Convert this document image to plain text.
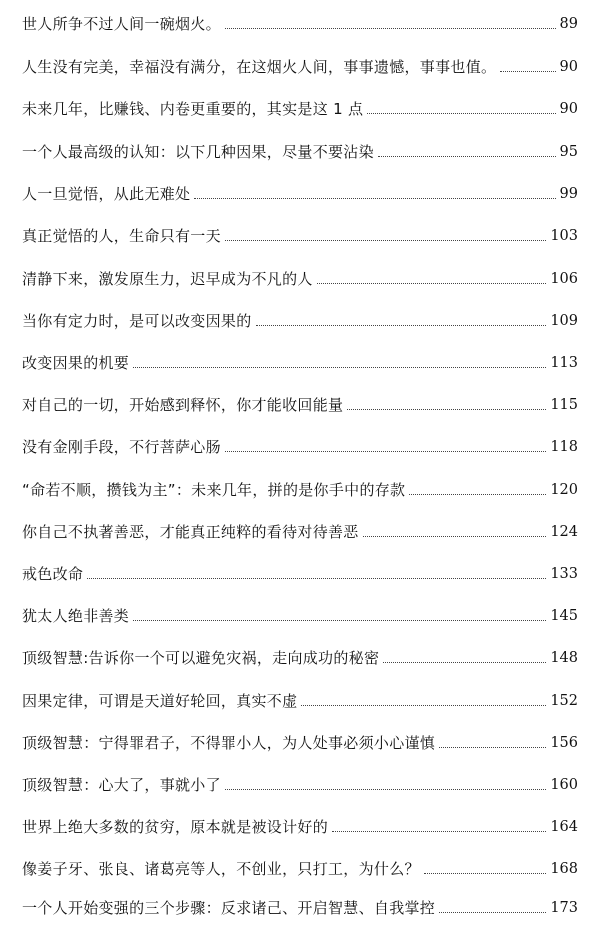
世人所争不过人间一碗烟火。	89
人生没有完美，幸福没有满分，在这烟火人间，事事遗憾，事事也值。	90
未来几年，比赚钱、内卷更重要的，其实是这 1 点	90
一个人最高级的认知：以下几种因果，尽量不要沾染	95
人一旦觉悟，从此无难处	99
真正觉悟的人，生命只有一天	103
清静下来，激发原生力，迟早成为不凡的人	106
当你有定力时，是可以改变因果的	109
改变因果的机要	113
对自己的一切，开始感到释怀，你才能收回能量	115
没有金刚手段，不行菩萨心肠	118
“命若不顺，攒钱为主”：未来几年，拼的是你手中的存款	120
你自己不执著善恶，才能真正纯粹的看待对待善恶	124
戒色改命	133
犹太人绝非善类	145
顶级智慧:告诉你一个可以避免灾祸，走向成功的秘密	148
因果定律，可谓是天道好轮回，真实不虚	152
顶级智慧：宁得罪君子，不得罪小人，为人处事必须小心谨慎	156
顶级智慧：心大了，事就小了	160
世界上绝大多数的贫穷，原本就是被设计好的	164
像姜子牙、张良、诸葛亮等人，不创业，只打工，为什么？	168
一个人开始变强的三个步骤：反求诸己、开启智慧、自我掌控	173
